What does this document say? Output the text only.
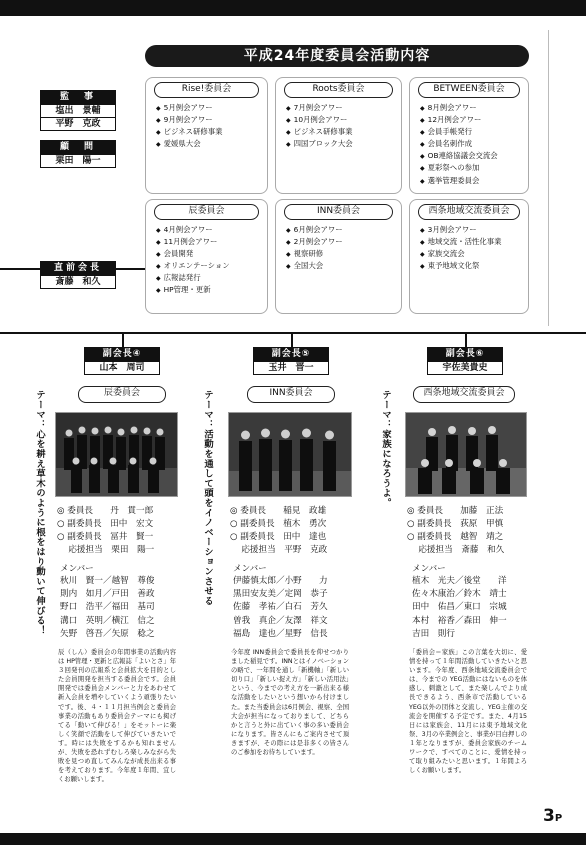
平成24年度委員会活動内容
監　事
塩出　景輔
平野　克政
顧　問
栗田　陽一
直前会長
斎藤　和久
Rise!委員会
◆ 5月例会アワー
◆ 9月例会アワー
◆ ビジネス研修事業
◆ 愛媛県大会
Roots委員会
◆ 7月例会アワー
◆ 10月例会アワー
◆ ビジネス研修事業
◆ 四国ブロック大会
BETWEEN委員会
◆ 8月例会アワー
◆ 12月例会アワー
◆ 会員手帳発行
◆ 会員名刺作成
◆ OB連絡協議会交流会
◆ 夏彩祭への参加
◆ 選挙管理委員会
辰委員会
◆ 4月例会アワー
◆ 11月例会アワー
◆ 会員開発
◆ オリエンテーション
◆ 広報誌発行
◆ HP管理・更新
INN委員会
◆ 6月例会アワー
◆ 2月例会アワー
◆ 視察研修
◆ 全国大会
西条地域交流委員会
◆ 3月例会アワー
◆ 地域交流・活性化事業
◆ 家族交流会
◆ 東予地域文化祭
副会長④
山本　周司
辰委員会
テーマ：心を耕え草木のように根をはり動いて伸びる！ ◎ 委員長　　丹　貫一郎
○ 副委員長　田中　宏文
○ 副委員長　冨井　賢一
　 応援担当　栗田　陽一
メンバー
秋川　賢一／越智　尊俊
則内　如月／戸田　善政
野口　浩平／福田　基司
溝口　英明／横江　信之
矢野　啓吾／矢原　稔之
辰（しん）委員会の年間事業の活動内容は HP管理・更新と広報誌「よいとさ」年３回発刊の広報系と会員拡大を目的とした会員開発を担当する委員会です。会員開発では委員会メンバーと力をあわせて新入会員を増やしていくよう頑張りたいです。後、４・１１月担当例会と委員会事業の活動もあり委員会テーマにも掲げてる「動いて伸びる！」をモットーに楽しく笑顔で活動をして伸びていきたいです。時には失敗をするかも知れませんが、失敗を恐れずむしろ楽しみながら失敗を見つめ直してみんなが成長出来る事を考えております。今年度１年間、宜しくお願いします。
副会長⑤
玉井　晋一
INN委員会
テーマ：活動を通して頭をイノベーションさせる ◎ 委員長　　稲見　政雄
○ 副委員長　植木　勇次
○ 副委員長　田中　達也
　 応援担当　平野　克政
メンバー
伊藤慎太郎／小野　　力
黒田安友美／定岡　恭子
佐藤　孝祐／白石　芳久
曽我　真企／友澤　祥文
福島　達也／星野　信長
今年度 INN委員会で委員長を仰せつかりました稲見です。INNとはイノベーションの略で、一年間を通し「新機軸」「新しい切り口」「新しい捉え方」「新しい活用法」という、今までの考え方を一新出来る様な活動をしたいという想いから付けました。また当委員会は6月例会、視察、全国大会が担当になっておりまして、どちらかと言うと外に出ていく事の多い委員会になります。皆さんにもご案内させて頂きますが、その際には是非多くの皆さんのご参加をお待ちしています。
副会長⑥
宇佐美貴史
西条地域交流委員会
テーマ：家族になろうよ。
◎ 委員長　　加藤　正法
○ 副委員長　荻原　甲慎
○ 副委員長　越智　靖之
　 応援担当　斎藤　和久
メンバー
植木　光夫／後堂　　洋
佐々木康治／鈴木　靖士
田中　佑昌／東口　宗城
本村　裕香／森田　伸一
吉田　則行
「委員会＝家族」この言葉を大切に、愛情を持って１年間活動していきたいと思います。今年度、西条地域交流委員会では、今までの YEG活動にはないものを体感し、刺激として、また楽しんでより成長できるよう、西条市で活動しているYEG以外の団体と交流し、YEG主催の交流会を開催する予定です。また、4月15日には家族会、11月には東予地域文化祭、3月の卒業例会と、事業が目白押しの１年となりますが、委員会家族のチームワークで、すべてのことに、愛情を持って取り組みたいと思います。１年間よろしくお願いします。
3P
